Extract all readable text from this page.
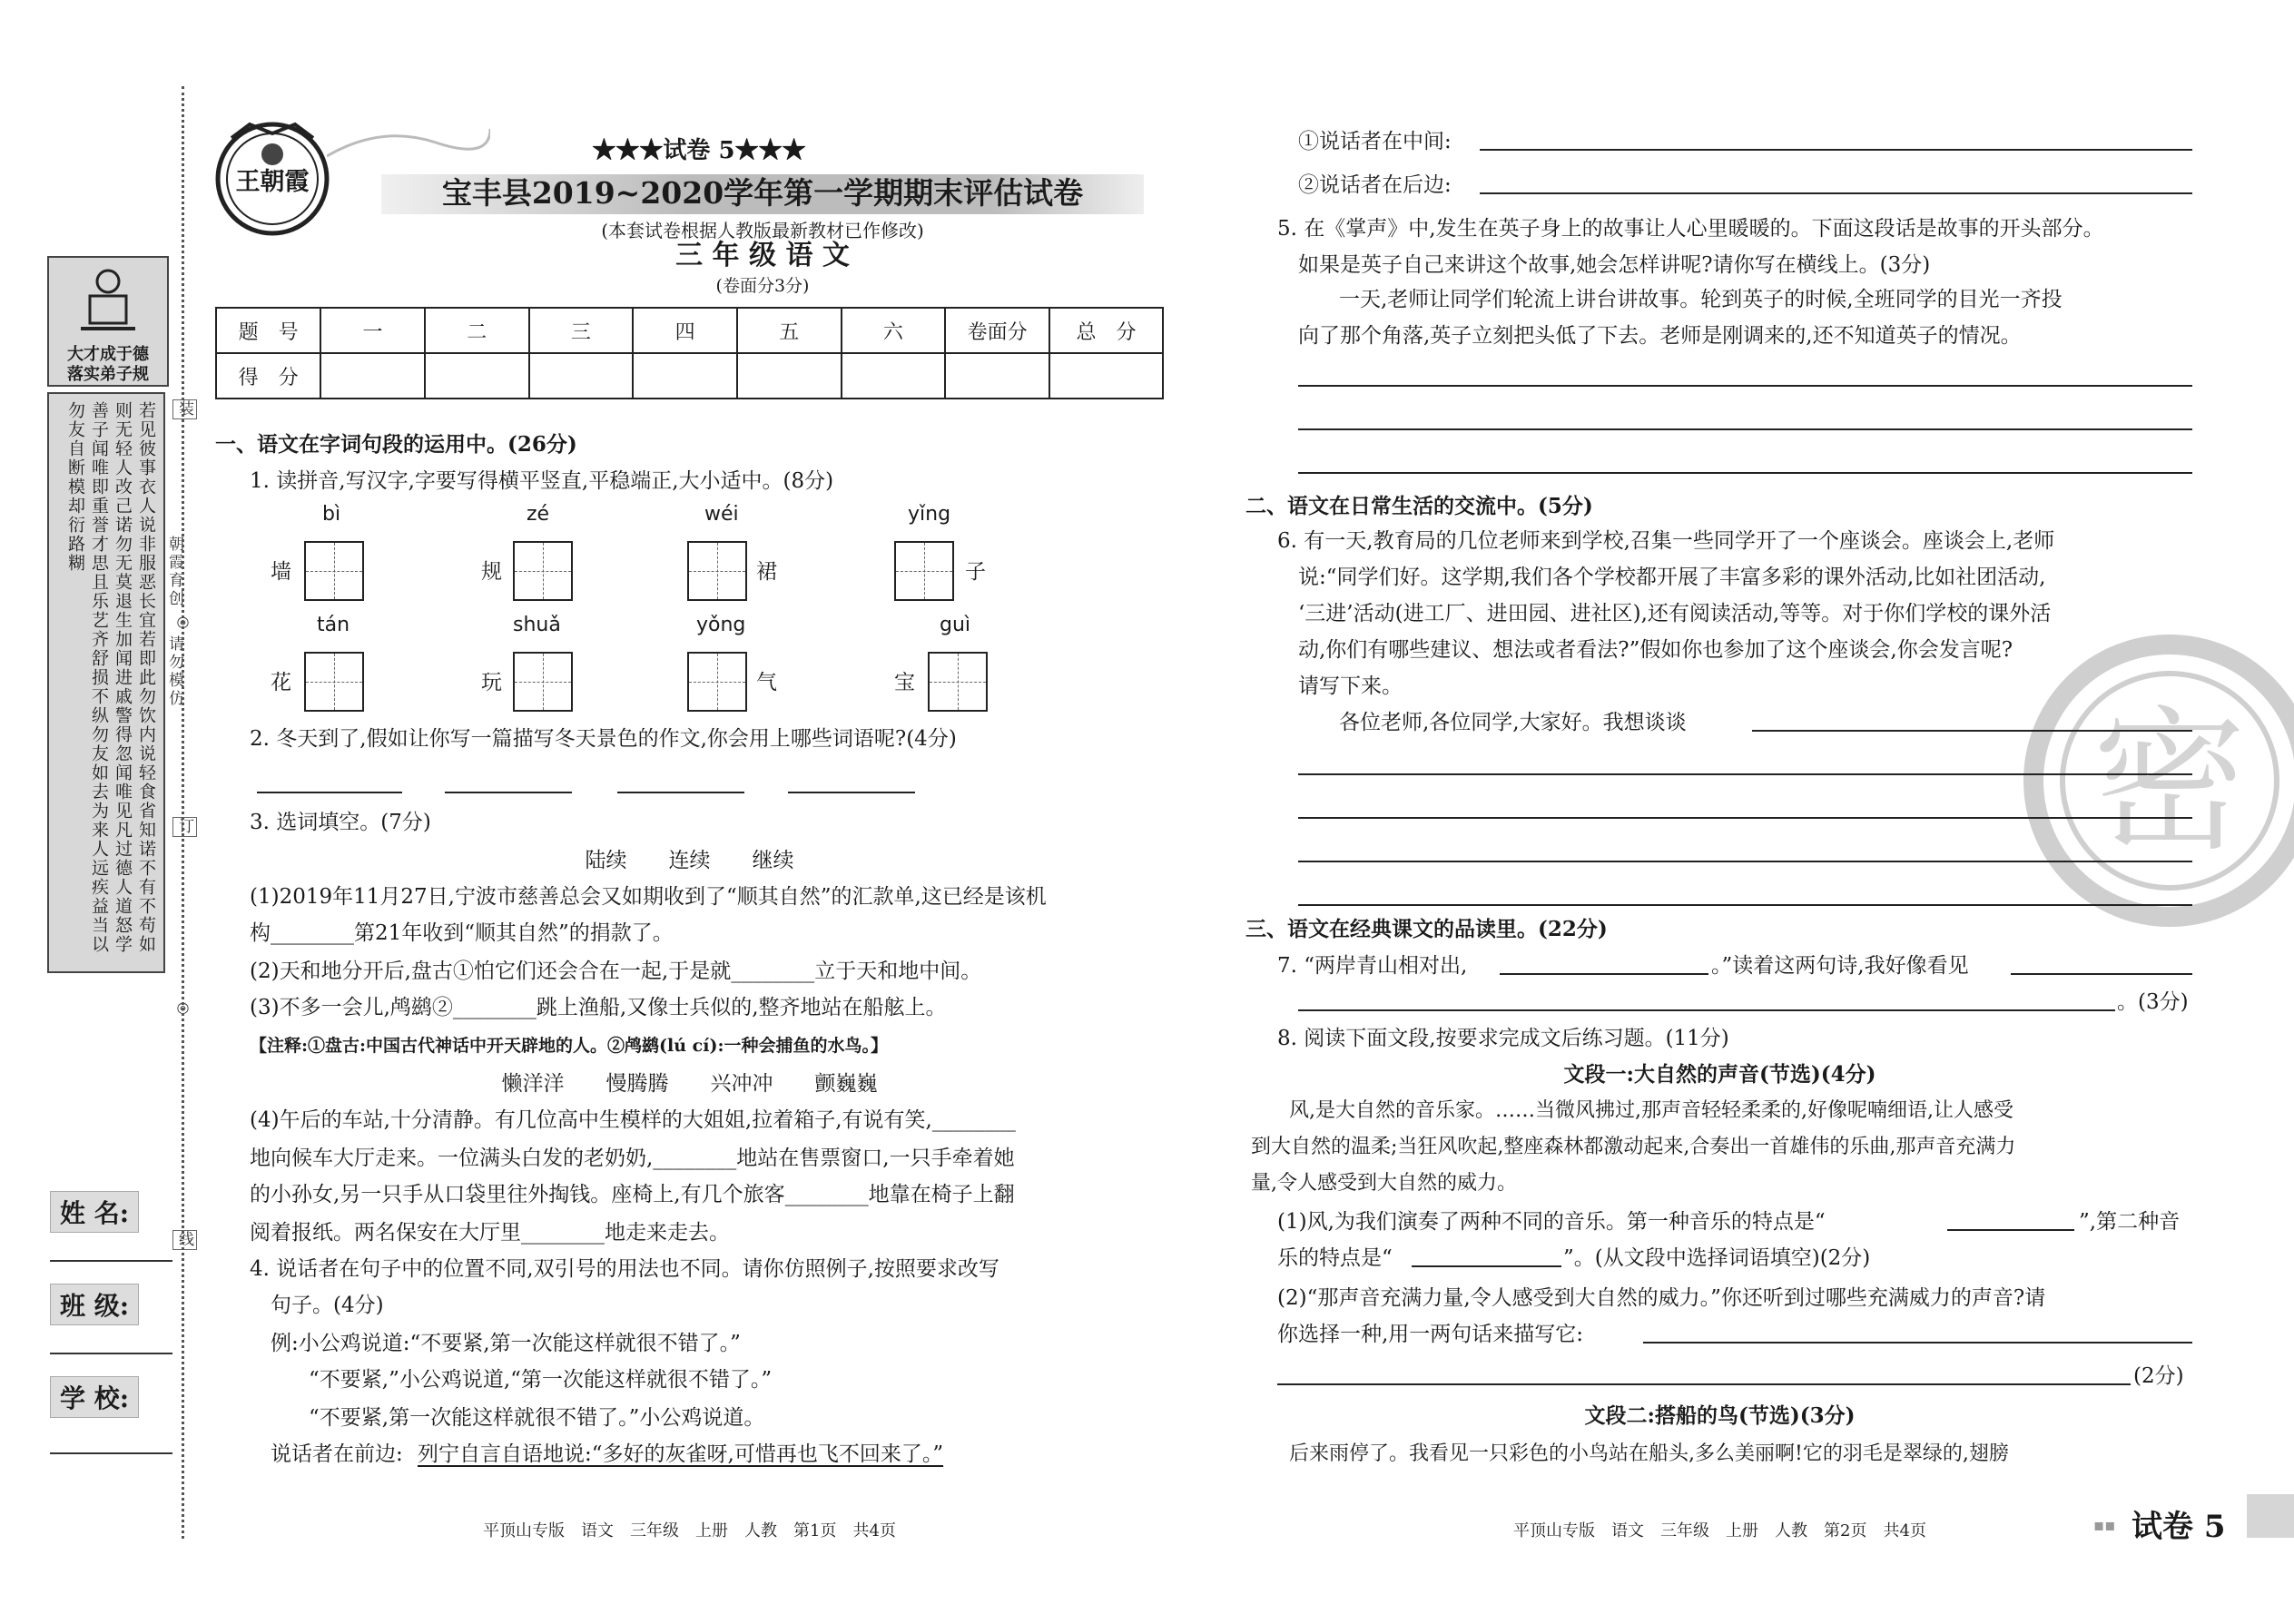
大才成于德
落实弟子规
若见彼事衣人说非服恶长宜若即此勿饮内说轻食省知诺不有不苟如则无轻人改己诺勿无莫退生加闻进戚警得忽闻唯见凡过德人道怒学善子闻唯即重誉才思且乐艺齐舒损不纵勿友如去为来人远疾益当以勿友自断模却衍路糊	朝霞育创
请勿模仿
装
订
线
◎
◎
姓 名:
班 级:
学 校:
王朝霞
★★★试卷 5★★★
宝丰县2019~2020学年第一学期期末评估试卷
(本套试卷根据人教版最新教材已作修改)
三 年 级 语 文
(卷面分3分)
题　号	一	二	三	四	五	六	卷面分	总　分
得　分								
一、语文在字词句段的运用中。(26分)
1. 读拼音,写汉字,字要写得横平竖直,平稳端正,大小适中。(8分)
bì
墙
zé
规
wéi
裙
yǐng
子
tán
花
shuǎ
玩
yǒng
气
guì
宝
2. 冬天到了,假如让你写一篇描写冬天景色的作文,你会用上哪些词语呢?(4分)
3. 选词填空。(7分)
陆续　　连续　　继续
(1)2019年11月27日,宁波市慈善总会又如期收到了“顺其自然”的汇款单,这已经是该机
构________第21年收到“顺其自然”的捐款了。
(2)天和地分开后,盘古①怕它们还会合在一起,于是就________立于天和地中间。
(3)不多一会儿,鸬鹚②________跳上渔船,又像士兵似的,整齐地站在船舷上。
【注释:①盘古:中国古代神话中开天辟地的人。②鸬鹚(lú cí):一种会捕鱼的水鸟。】
懒洋洋　　慢腾腾　　兴冲冲　　颤巍巍
(4)午后的车站,十分清静。有几位高中生模样的大姐姐,拉着箱子,有说有笑,________
地向候车大厅走来。一位满头白发的老奶奶,________地站在售票窗口,一只手牵着她
的小孙女,另一只手从口袋里往外掏钱。座椅上,有几个旅客________地靠在椅子上翻
阅着报纸。两名保安在大厅里________地走来走去。
4. 说话者在句子中的位置不同,双引号的用法也不同。请你仿照例子,按照要求改写
句子。(4分)
例:小公鸡说道:“不要紧,第一次能这样就很不错了。”
“不要紧,”小公鸡说道,“第一次能这样就很不错了。”
“不要紧,第一次能这样就很不错了。”小公鸡说道。
说话者在前边: 列宁自言自语地说:“多好的灰雀呀,可惜再也飞不回来了。”
平顶山专版　语文　三年级　上册　人教　第1页　共4页
密
①说话者在中间:
②说话者在后边:
5. 在《掌声》中,发生在英子身上的故事让人心里暖暖的。下面这段话是故事的开头部分。
如果是英子自己来讲这个故事,她会怎样讲呢?请你写在横线上。(3分)
一天,老师让同学们轮流上讲台讲故事。轮到英子的时候,全班同学的目光一齐投
向了那个角落,英子立刻把头低了下去。老师是刚调来的,还不知道英子的情况。
二、语文在日常生活的交流中。(5分)
6. 有一天,教育局的几位老师来到学校,召集一些同学开了一个座谈会。座谈会上,老师
说:“同学们好。这学期,我们各个学校都开展了丰富多彩的课外活动,比如社团活动,
‘三进’活动(进工厂、进田园、进社区),还有阅读活动,等等。对于你们学校的课外活
动,你们有哪些建议、想法或者看法?”假如你也参加了这个座谈会,你会发言呢?
请写下来。
各位老师,各位同学,大家好。我想谈谈
三、语文在经典课文的品读里。(22分)
7. “两岸青山相对出,	。”读着这两句诗,我好像看见
。(3分)
8. 阅读下面文段,按要求完成文后练习题。(11分)
文段一:大自然的声音(节选)(4分)
风,是大自然的音乐家。……当微风拂过,那声音轻轻柔柔的,好像呢喃细语,让人感受
到大自然的温柔;当狂风吹起,整座森林都激动起来,合奏出一首雄伟的乐曲,那声音充满力
量,令人感受到大自然的威力。
(1)风,为我们演奏了两种不同的音乐。第一种音乐的特点是“	”,第二种音
乐的特点是“	”。(从文段中选择词语填空)(2分)
(2)“那声音充满力量,令人感受到大自然的威力。”你还听到过哪些充满威力的声音?请
你选择一种,用一两句话来描写它:
(2分)
文段二:搭船的鸟(节选)(3分)
后来雨停了。我看见一只彩色的小鸟站在船头,多么美丽啊!它的羽毛是翠绿的,翅膀
平顶山专版　语文　三年级　上册　人教　第2页　共4页	▪▪ 试卷 5
